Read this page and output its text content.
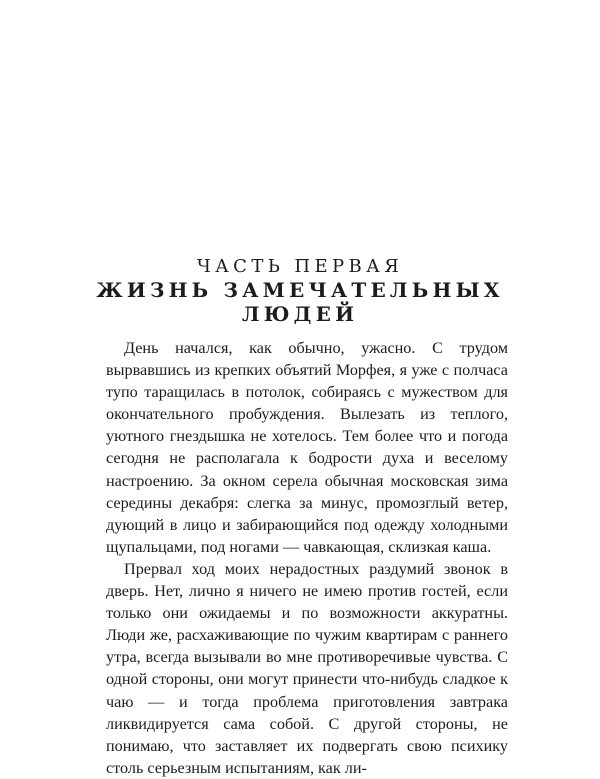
ЧАСТЬ ПЕРВАЯ
ЖИЗНЬ ЗАМЕЧАТЕЛЬНЫХ
ЛЮДЕЙ

День начался, как обычно, ужасно. С трудом вырвавшись из крепких объятий Морфея, я уже с полчаса тупо таращилась в потолок, собираясь с мужеством для окончательного пробуждения. Вылезать из теплого, уютного гнездышка не хотелось. Тем более что и погода сегодня не располагала к бодрости духа и веселому настроению. За окном серела обычная московская зима середины декабря: слегка за минус, промозглый ветер, дующий в лицо и забирающийся под одежду холодными щупальцами, под ногами — чавкающая, склизкая каша.

Прервал ход моих нерадостных раздумий звонок в дверь. Нет, лично я ничего не имею против гостей, если только они ожидаемы и по возможности аккуратны. Люди же, расхаживающие по чужим квартирам с раннего утра, всегда вызывали во мне противоречивые чувства. С одной стороны, они могут принести что-нибудь сладкое к чаю — и тогда проблема приготовления завтрака ликвидируется сама собой. С другой стороны, не понимаю, что заставляет их подвергать свою психику столь серьезным испытаниям, как ли-
